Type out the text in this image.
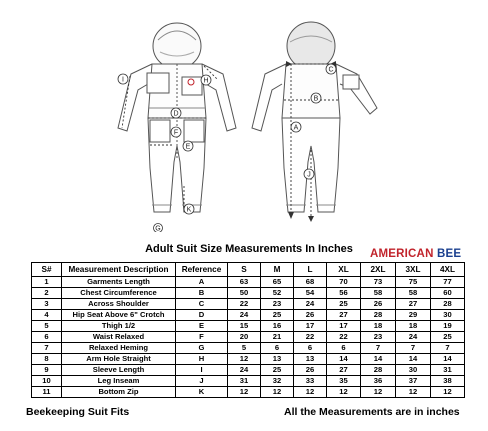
I	H
D
F
E
K
G
C
B
A
J
Adult Suit Size Measurements In Inches	AMERICAN BEE
S#	Measurement Description	Reference	S	M	L	XL	2XL	3XL	4XL
1	Garments Length	A	63	65	68	70	73	75	77
2	Chest Circumference	B	50	52	54	56	58	58	60
3	Across Shoulder	C	22	23	24	25	26	27	28
4	Hip Seat Above 6" Crotch	D	24	25	26	27	28	29	30
5	Thigh 1/2	E	15	16	17	17	18	18	19
6	Waist Relaxed	F	20	21	22	22	23	24	25
7	Relaxed Heming	G	5	6	6	6	7	7	7
8	Arm Hole Straight	H	12	13	13	14	14	14	14
9	Sleeve Length	I	24	25	26	27	28	30	31
10	Leg Inseam	J	31	32	33	35	36	37	38
11	Bottom Zip	K	12	12	12	12	12	12	12
Beekeeping Suit Fits	All the Measurements are in inches
